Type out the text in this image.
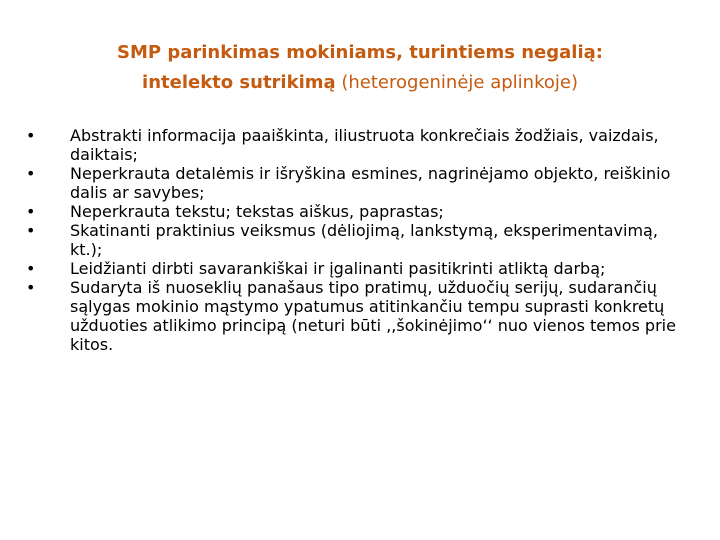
SMP parinkimas mokiniams, turintiems negalią:
intelekto sutrikimą (heterogeninėje aplinkoje)
•	Abstrakti informacija paaiškinta, iliustruota konkrečiais žodžiais, vaizdais, daiktais;
•	Neperkrauta detalėmis ir išryškina esmines, nagrinėjamo objekto, reiškinio dalis ar savybes;
•	Neperkrauta tekstu; tekstas aiškus, paprastas;
•	Skatinanti praktinius veiksmus (dėliojimą, lankstymą, eksperimentavimą, kt.);
•	Leidžianti dirbti savarankiškai ir įgalinanti pasitikrinti atliktą darbą;
•	Sudaryta iš nuoseklių panašaus tipo pratimų, užduočių serijų, sudarančių sąlygas mokinio mąstymo ypatumus atitinkančiu tempu suprasti konkretų užduoties atlikimo principą (neturi būti ,,šokinėjimo‘‘ nuo vienos temos prie kitos.
